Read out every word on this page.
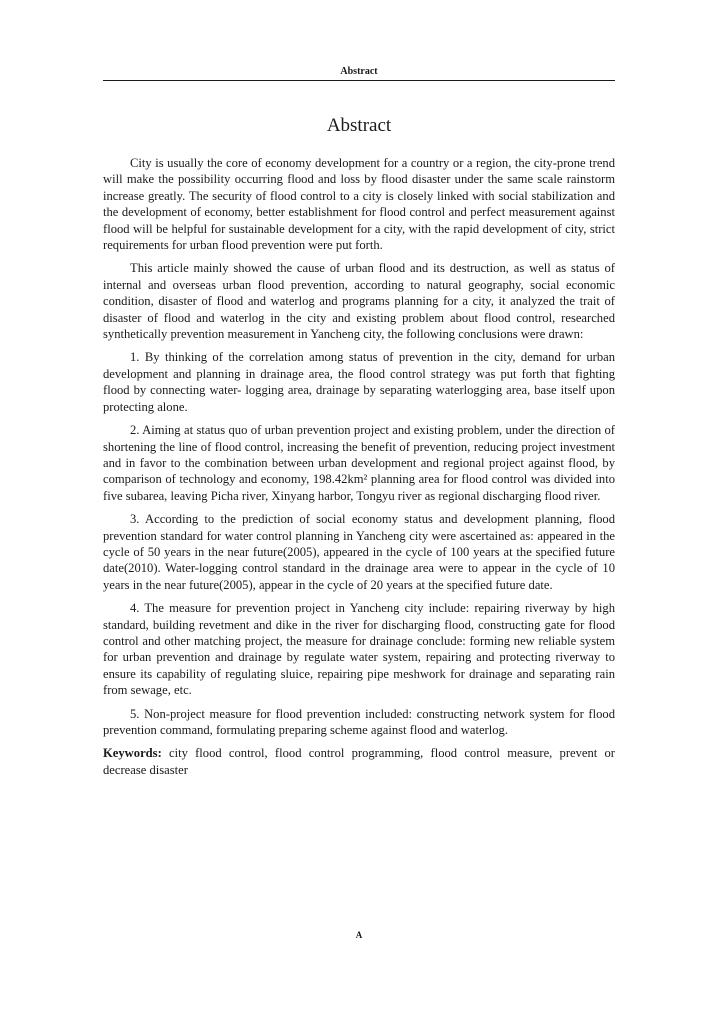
Abstract
Abstract

City is usually the core of economy development for a country or a region, the city-prone trend will make the possibility occurring flood and loss by flood disaster under the same scale rainstorm increase greatly. The security of flood control to a city is closely linked with social stabilization and the development of economy, better establishment for flood control and perfect measurement against flood will be helpful for sustainable development for a city, with the rapid development of city, strict requirements for urban flood prevention were put forth.

This article mainly showed the cause of urban flood and its destruction, as well as status of internal and overseas urban flood prevention, according to natural geography, social economic condition, disaster of flood and waterlog and programs planning for a city, it analyzed the trait of disaster of flood and waterlog in the city and existing problem about flood control, researched synthetically prevention measurement in Yancheng city, the following conclusions were drawn:

1. By thinking of the correlation among status of prevention in the city, demand for urban development and planning in drainage area, the flood control strategy was put forth that fighting flood by connecting water- logging area, drainage by separating waterlogging area, base itself upon protecting alone.

2. Aiming at status quo of urban prevention project and existing problem, under the direction of shortening the line of flood control, increasing the benefit of prevention, reducing project investment and in favor to the combination between urban development and regional project against flood, by comparison of technology and economy, 198.42km² planning area for flood control was divided into five subarea, leaving Picha river, Xinyang harbor, Tongyu river as regional discharging flood river.

3. According to the prediction of social economy status and development planning, flood prevention standard for water control planning in Yancheng city were ascertained as: appeared in the cycle of 50 years in the near future(2005), appeared in the cycle of 100 years at the specified future date(2010). Water-logging control standard in the drainage area were to appear in the cycle of 10 years in the near future(2005), appear in the cycle of 20 years at the specified future date.

4. The measure for prevention project in Yancheng city include: repairing riverway by high standard, building revetment and dike in the river for discharging flood, constructing gate for flood control and other matching project, the measure for drainage conclude: forming new reliable system for urban prevention and drainage by regulate water system, repairing and protecting riverway to ensure its capability of regulating sluice, repairing pipe meshwork for drainage and separating rain from sewage, etc.

5. Non-project measure for flood prevention included: constructing network system for flood prevention command, formulating preparing scheme against flood and waterlog.

Keywords: city flood control, flood control programming, flood control measure, prevent or decrease disaster

A
